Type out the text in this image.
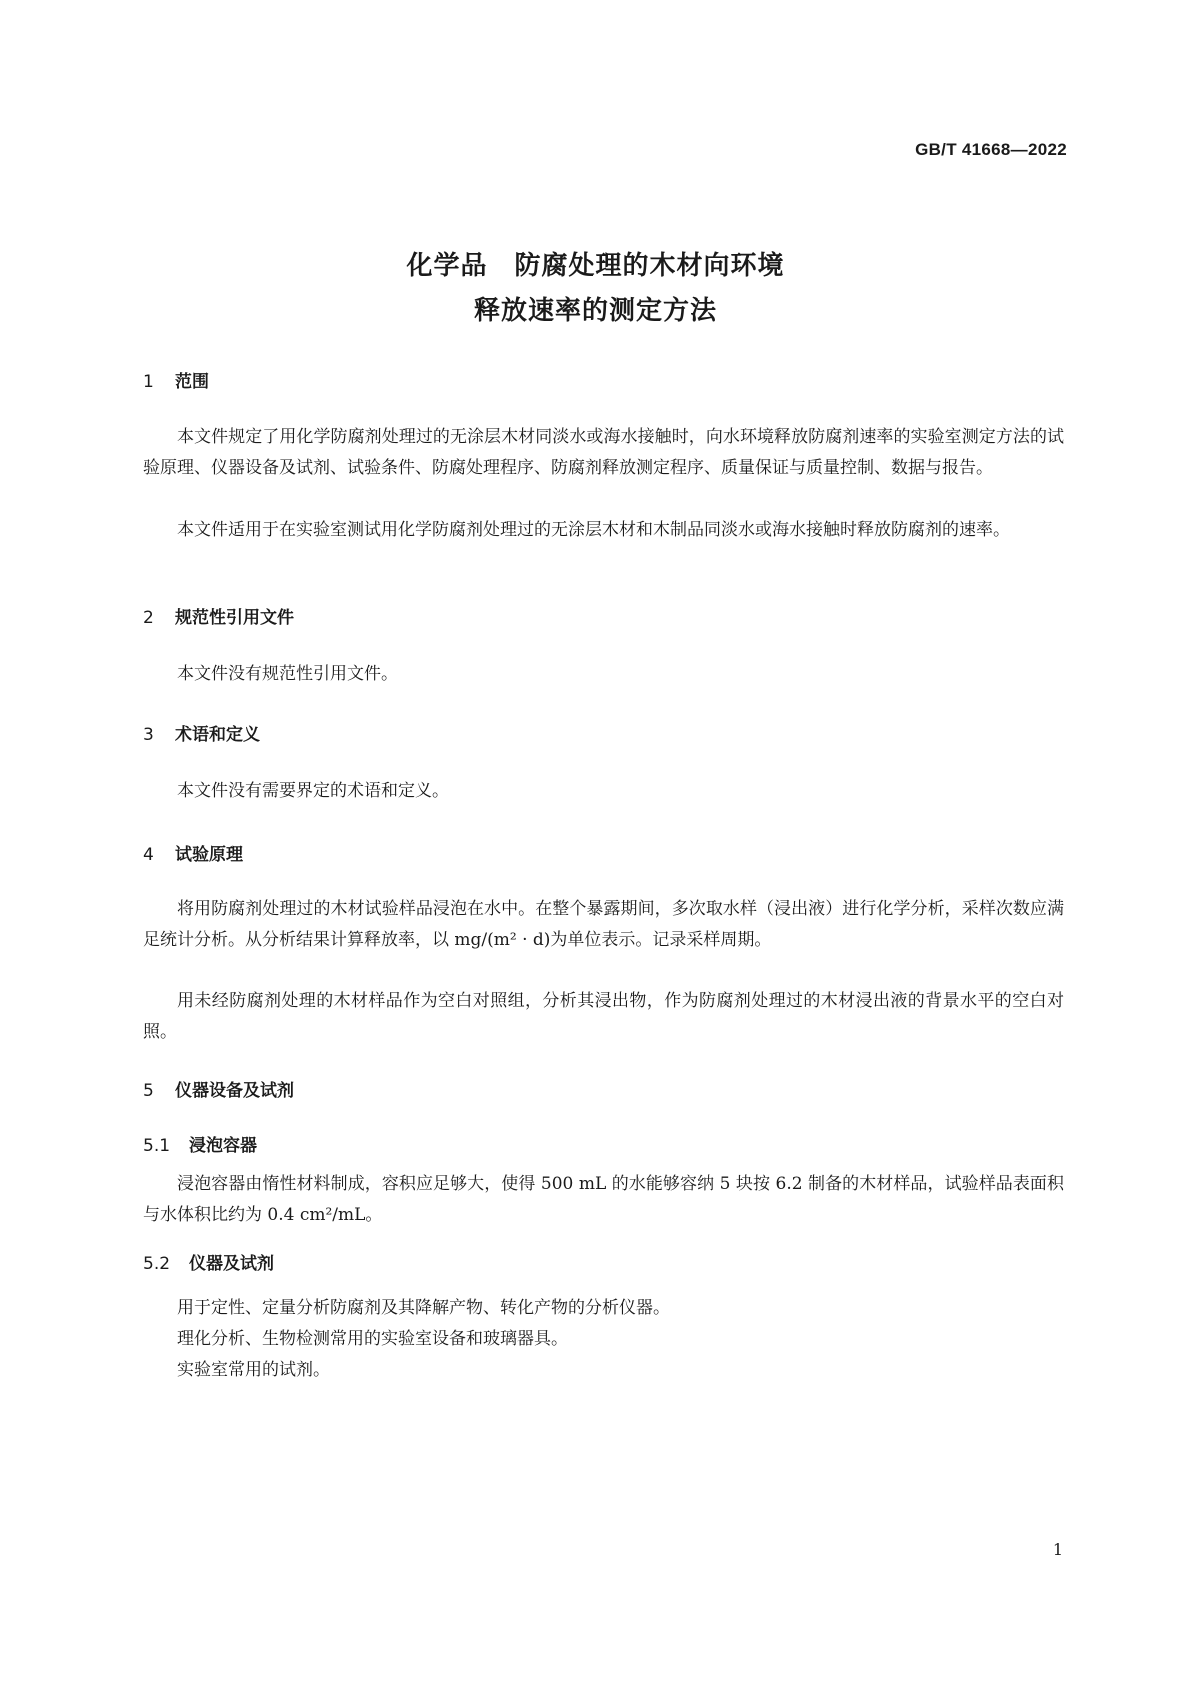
GB/T 41668—2022
化学品　防腐处理的木材向环境
释放速率的测定方法
1 范围

本文件规定了用化学防腐剂处理过的无涂层木材同淡水或海水接触时，向水环境释放防腐剂速率的实验室测定方法的试验原理、仪器设备及试剂、试验条件、防腐处理程序、防腐剂释放测定程序、质量保证与质量控制、数据与报告。

本文件适用于在实验室测试用化学防腐剂处理过的无涂层木材和木制品同淡水或海水接触时释放防腐剂的速率。

2 规范性引用文件

本文件没有规范性引用文件。

3 术语和定义

本文件没有需要界定的术语和定义。

4 试验原理

将用防腐剂处理过的木材试验样品浸泡在水中。在整个暴露期间，多次取水样（浸出液）进行化学分析，采样次数应满足统计分析。从分析结果计算释放率，以 mg/(m² · d)为单位表示。记录采样周期。

用未经防腐剂处理的木材样品作为空白对照组，分析其浸出物，作为防腐剂处理过的木材浸出液的背景水平的空白对照。

5 仪器设备及试剂
5.1 浸泡容器

浸泡容器由惰性材料制成，容积应足够大，使得 500 mL 的水能够容纳 5 块按 6.2 制备的木材样品，试验样品表面积与水体积比约为 0.4 cm²/mL。

5.2 仪器及试剂

用于定性、定量分析防腐剂及其降解产物、转化产物的分析仪器。

理化分析、生物检测常用的实验室设备和玻璃器具。

实验室常用的试剂。

1
